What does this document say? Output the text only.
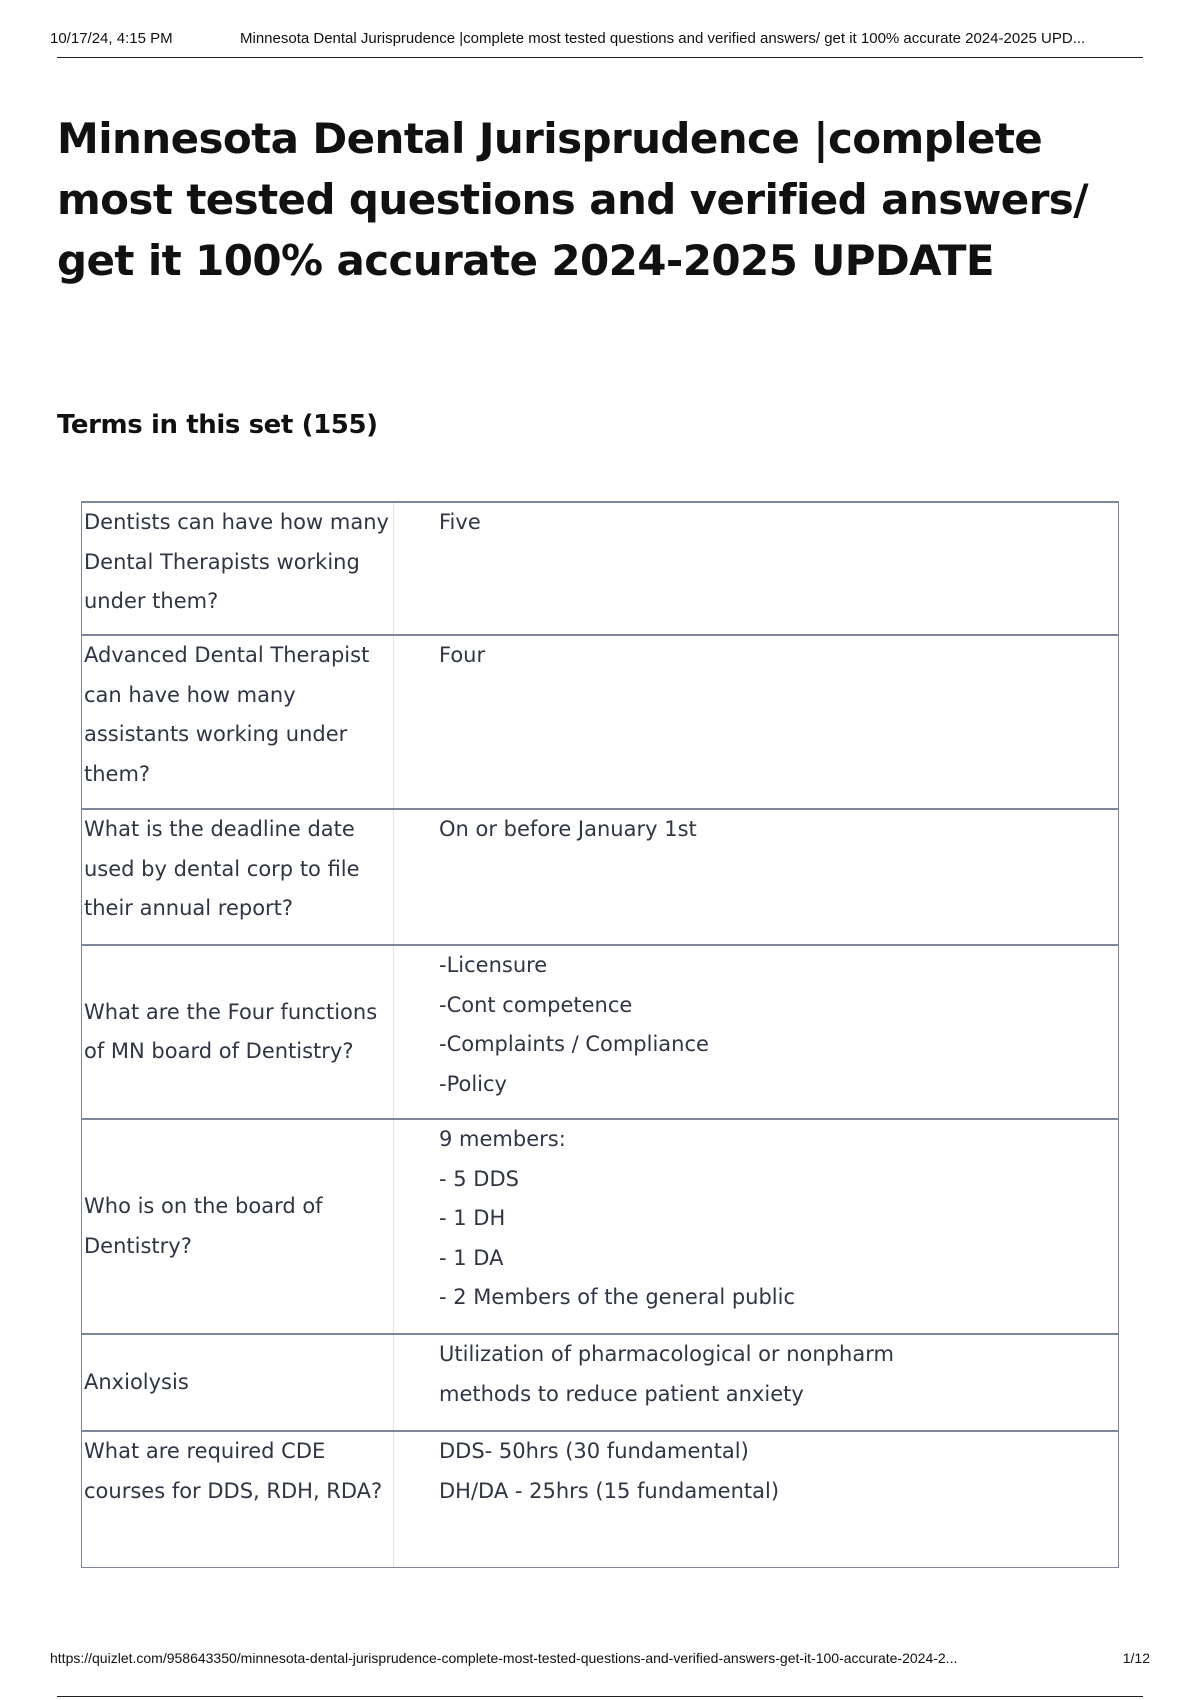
10/17/24, 4:15 PM	Minnesota Dental Jurisprudence |complete most tested questions and verified answers/ get it 100% accurate 2024-2025 UPD...
Minnesota Dental Jurisprudence |complete most tested questions and verified answers/ get it 100% accurate 2024-2025 UPDATE
Terms in this set (155)
Dentists can have how many Dental Therapists working under them?
Five
Advanced Dental Therapist can have how many assistants working under them?
Four
What is the deadline date used by dental corp to file their annual report?
On or before January 1st
What are the Four functions of MN board of Dentistry?
-Licensure
-Cont competence
-Complaints / Compliance
-Policy
Who is on the board of Dentistry?
9 members:
- 5 DDS
- 1 DH
- 1 DA
- 2 Members of the general public
Anxiolysis
Utilization of pharmacological or nonpharm
methods to reduce patient anxiety
What are required CDE courses for DDS, RDH, RDA?
DDS- 50hrs (30 fundamental)
DH/DA - 25hrs (15 fundamental)
https://quizlet.com/958643350/minnesota-dental-jurisprudence-complete-most-tested-questions-and-verified-answers-get-it-100-accurate-2024-2...	1/12
